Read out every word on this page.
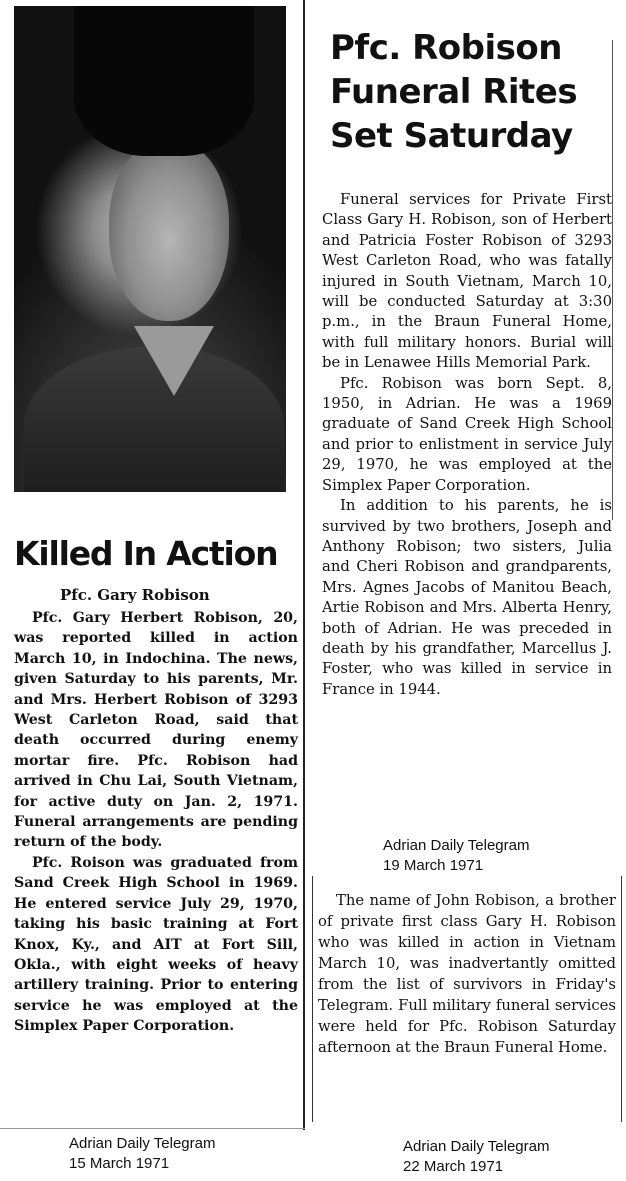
Killed In Action
Pfc. Gary Robison

Pfc. Gary Herbert Robison, 20, was reported killed in action March 10, in Indochina. The news, given Saturday to his parents, Mr. and Mrs. Herbert Robison of 3293 West Carleton Road, said that death occurred during enemy mortar fire. Pfc. Robison had arrived in Chu Lai, South Vietnam, for active duty on Jan. 2, 1971. Funeral arrangements are pending return of the body.

Pfc. Roison was graduated from Sand Creek High School in 1969. He entered service July 29, 1970, taking his basic training at Fort Knox, Ky., and AIT at Fort Sill, Okla., with eight weeks of heavy artillery training. Prior to entering service he was employed at the Simplex Paper Corporation.

Pfc. Robison Funeral Rites Set Saturday

Funeral services for Private First Class Gary H. Robison, son of Herbert and Patricia Foster Robison of 3293 West Carleton Road, who was fatally injured in South Vietnam, March 10, will be conducted Saturday at 3:30 p.m., in the Braun Funeral Home, with full military honors. Burial will be in Lenawee Hills Memorial Park.

Pfc. Robison was born Sept. 8, 1950, in Adrian. He was a 1969 graduate of Sand Creek High School and prior to enlistment in service July 29, 1970, he was employed at the Simplex Paper Corporation.

In addition to his parents, he is survived by two brothers, Joseph and Anthony Robison; two sisters, Julia and Cheri Robison and grandparents, Mrs. Agnes Jacobs of Manitou Beach, Artie Robison and Mrs. Alberta Henry, both of Adrian. He was preceded in death by his grandfather, Marcellus J. Foster, who was killed in service in France in 1944.

The name of John Robison, a brother of private first class Gary H. Robison who was killed in action in Vietnam March 10, was inadvertantly omitted from the list of survivors in Friday's Telegram. Full military funeral services were held for Pfc. Robison Saturday afternoon at the Braun Funeral Home.

Adrian Daily Telegram
19 March 1971
Adrian Daily Telegram
15 March 1971
Adrian Daily Telegram
22 March 1971
